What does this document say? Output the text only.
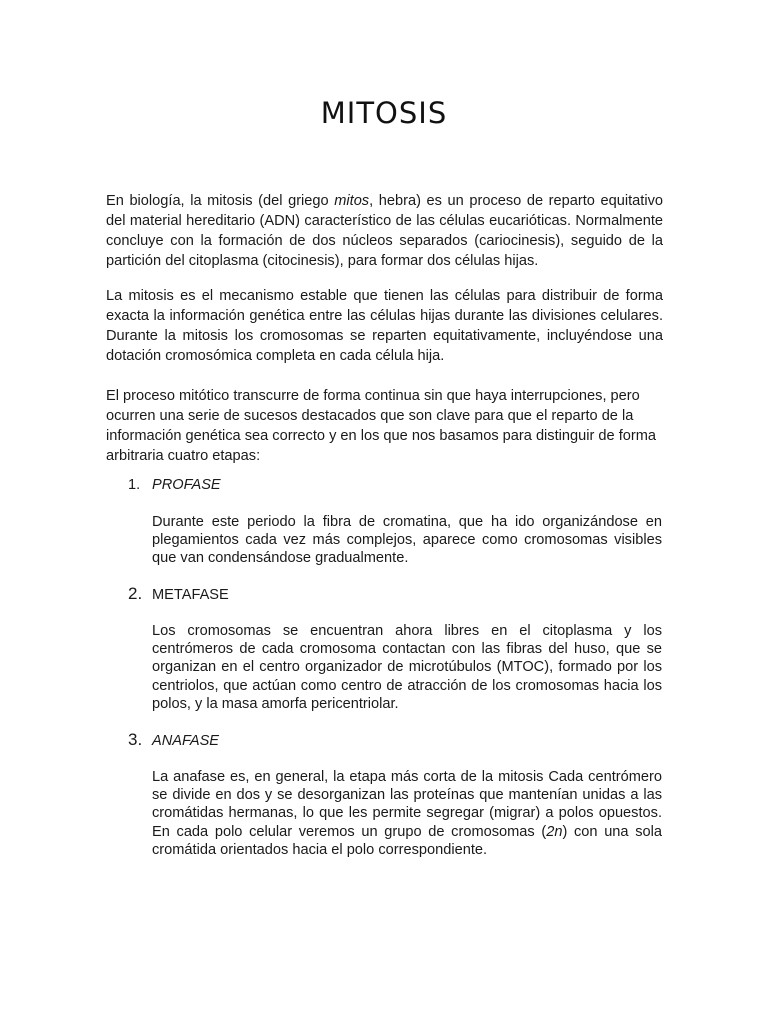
MITOSIS

En biología, la mitosis (del griego mitos, hebra) es un proceso de reparto equitativo del material hereditario (ADN) característico de las células eucarióticas. Normalmente concluye con la formación de dos núcleos separados (cariocinesis), seguido de la partición del citoplasma (citocinesis), para formar dos células hijas.

La mitosis es el mecanismo estable que tienen las células para distribuir de forma exacta la información genética entre las células hijas durante las divisiones celulares. Durante la mitosis los cromosomas se reparten equitativamente, incluyéndose una dotación cromosómica completa en cada célula hija.

El proceso mitótico transcurre de forma continua sin que haya interrupciones, pero ocurren una serie de sucesos destacados que son clave para que el reparto de la información genética sea correcto y en los que nos basamos para distinguir de forma arbitraria cuatro etapas:

1. PROFASE

Durante este periodo la fibra de cromatina, que ha ido organizándose en plegamientos cada vez más complejos, aparece como cromosomas visibles que van condensándose gradualmente.

2. METAFASE

Los cromosomas se encuentran ahora libres en el citoplasma y los centrómeros de cada cromosoma contactan con las fibras del huso, que se organizan en el centro organizador de microtúbulos (MTOC), formado por los centriolos, que actúan como centro de atracción de los cromosomas hacia los polos, y la masa amorfa pericentriolar.

3. ANAFASE

La anafase es, en general, la etapa más corta de la mitosis Cada centrómero se divide en dos y se desorganizan las proteínas que mantenían unidas a las cromátidas hermanas, lo que les permite segregar (migrar) a polos opuestos. En cada polo celular veremos un grupo de cromosomas (2n) con una sola cromátida orientados hacia el polo correspondiente.
